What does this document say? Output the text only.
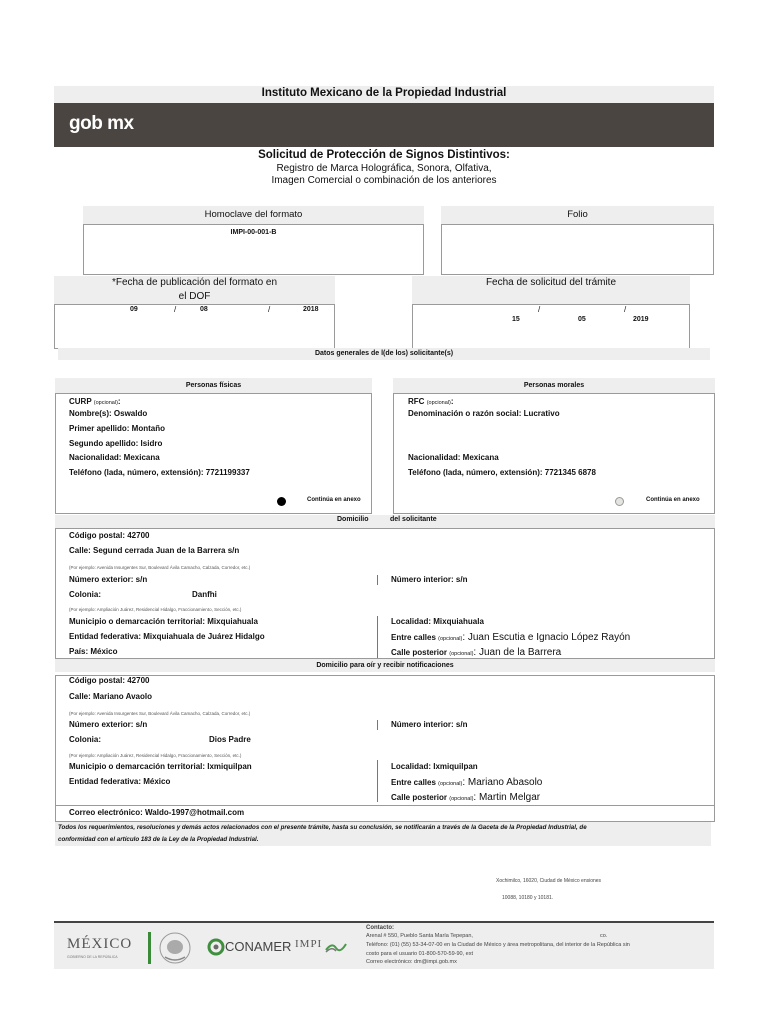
Instituto Mexicano de la Propiedad Industrial
gob mx
Solicitud de Protección de Signos Distintivos:
Registro de Marca Holográfica, Sonora, Olfativa,
Imagen Comercial o combinación de los anteriores
Homoclave del formato
IMPI-00-001-B
Folio
*Fecha de publicación del formato en
el DOF
09	/	08	/	2018
Fecha de solicitud del trámite
/	/
15	05	2019
Datos generales de l(de los) solicitante(s)
Personas físicas
CURP (opcional):
Nombre(s): Oswaldo
Primer apellido: Montaño
Segundo apellido: Isidro
Nacionalidad: Mexicana
Teléfono (lada, número, extensión): 7721199337
Continúa en anexo
Personas morales
RFC (opcional):
Denominación o razón social: Lucrativo
Nacionalidad: Mexicana
Teléfono (lada, número, extensión): 7721345 6878
Continúa en anexo
Domicilio	del solicitante
Código postal: 42700
Calle: Segund cerrada Juan de la Barrera s/n
(Por ejemplo: Avenida Insurgentes Sur, Boulevard Ávila Camacho, Calzada, Corredor, etc.)
Número exterior: s/n	Número interior: s/n
Colonia:	Danfhi
(Por ejemplo: Ampliación Juárez, Residencial Hidalgo, Fraccionamiento, Sección, etc.)
Municipio o demarcación territorial: Mixquiahuala	Localidad: Mixquiahuala
Entidad federativa: Mixquiahuala de Juárez Hidalgo	Entre calles (opcional): Juan Escutia e Ignacio López Rayón
País: México	Calle posterior (opcional): Juan de la Barrera
Domicilio para oír y recibir notificaciones
Código postal: 42700
Calle: Mariano Avaolo
(Por ejemplo: Avenida Insurgentes Sur, Boulevard Ávila Camacho, Calzada, Corredor, etc.)
Número exterior: s/n	Número interior: s/n
Colonia:	Dios Padre
(Por ejemplo: Ampliación Juárez, Residencial Hidalgo, Fraccionamiento, Sección, etc.)
Municipio o demarcación territorial: Ixmiquilpan	Localidad: Ixmiquilpan
Entidad federativa: México	Entre calles (opcional): Mariano Abasolo
Calle posterior (opcional): Martin Melgar
Correo electrónico: Waldo-1997@hotmail.com
Todos los requerimientos, resoluciones y demás actos relacionados con el presente trámite, hasta su conclusión, se notificarán a través de la Gaceta de la Propiedad Industrial, de
conformidad con el artículo 183 de la Ley de la Propiedad Industrial.
Xochimilco, 16020, Ciudad de México ensiones
10088, 10180 y 10181.
MÉXICO
GOBIERNO DE LA REPÚBLICA
CONAMER IMPI
Contacto:
Arenal # 550, Pueblo Santa María Tepepan,	co.
Teléfono: (01) (55) 53-34-07-00 en la Ciudad de México y área metropolitana, del interior de la República sin
costo para el usuario 01-800-570-59-90, ext
Correo electrónico: dm@impi.gob.mx
